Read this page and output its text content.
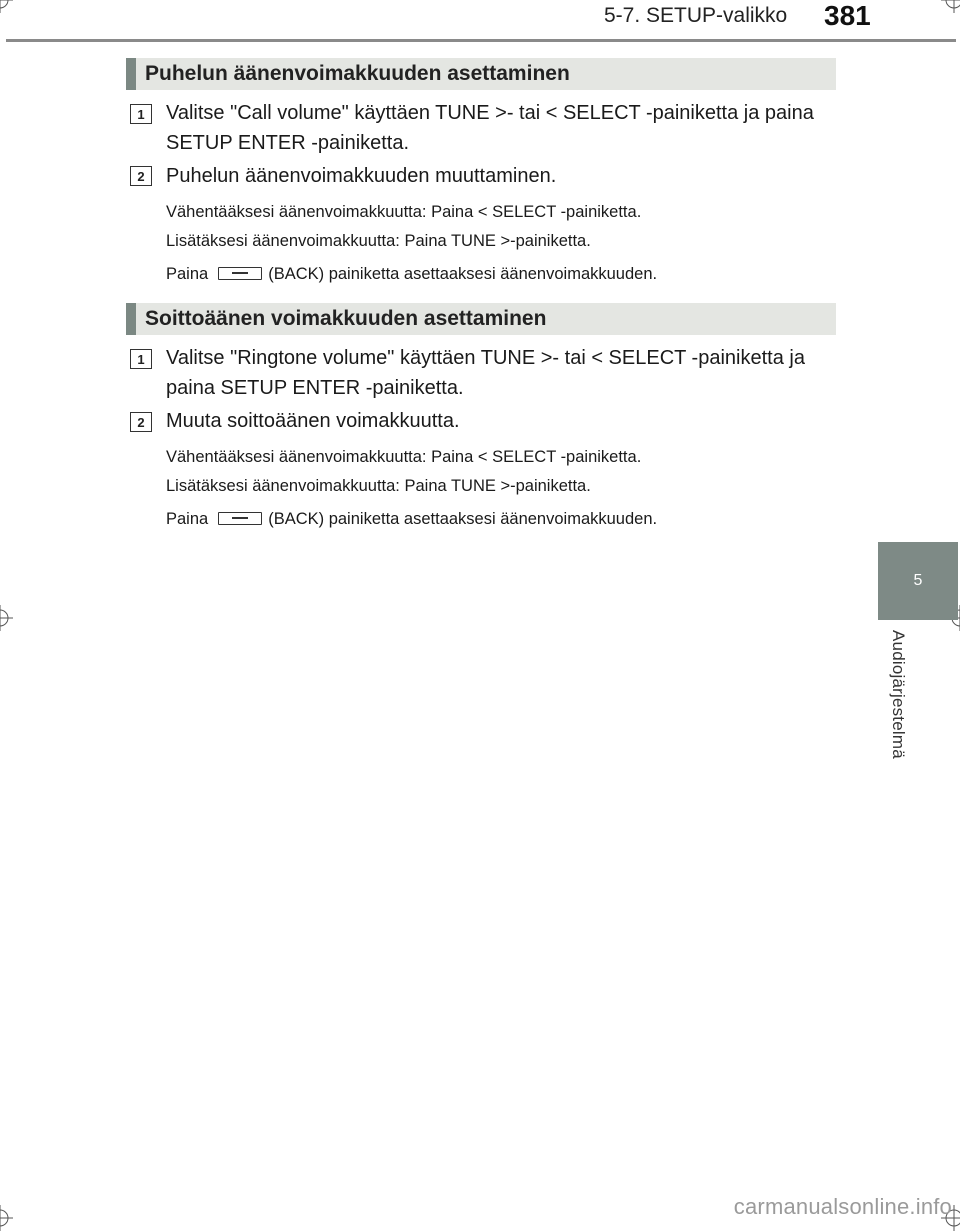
5-7. SETUP-valikko 381
5
Audiojärjestelmä
Puhelun äänenvoimakkuuden asettaminen
1	Valitse "Call volume" käyttäen TUNE >- tai < SELECT -painiketta ja paina SETUP ENTER -painiketta.
2	Puhelun äänenvoimakkuuden muuttaminen.
Vähentääksesi äänenvoimakkuutta: Paina < SELECT -painiketta.
Lisätäksesi äänenvoimakkuutta: Paina TUNE >-painiketta.
Paina	(BACK) painiketta asettaaksesi äänenvoimakkuuden.
Soittoäänen voimakkuuden asettaminen
1	Valitse "Ringtone volume" käyttäen TUNE >- tai < SELECT -painiketta ja paina SETUP ENTER -painiketta.
2	Muuta soittoäänen voimakkuutta.
Vähentääksesi äänenvoimakkuutta: Paina < SELECT -painiketta.
Lisätäksesi äänenvoimakkuutta: Paina TUNE >-painiketta.
Paina	(BACK) painiketta asettaaksesi äänenvoimakkuuden.
carmanualsonline.info
